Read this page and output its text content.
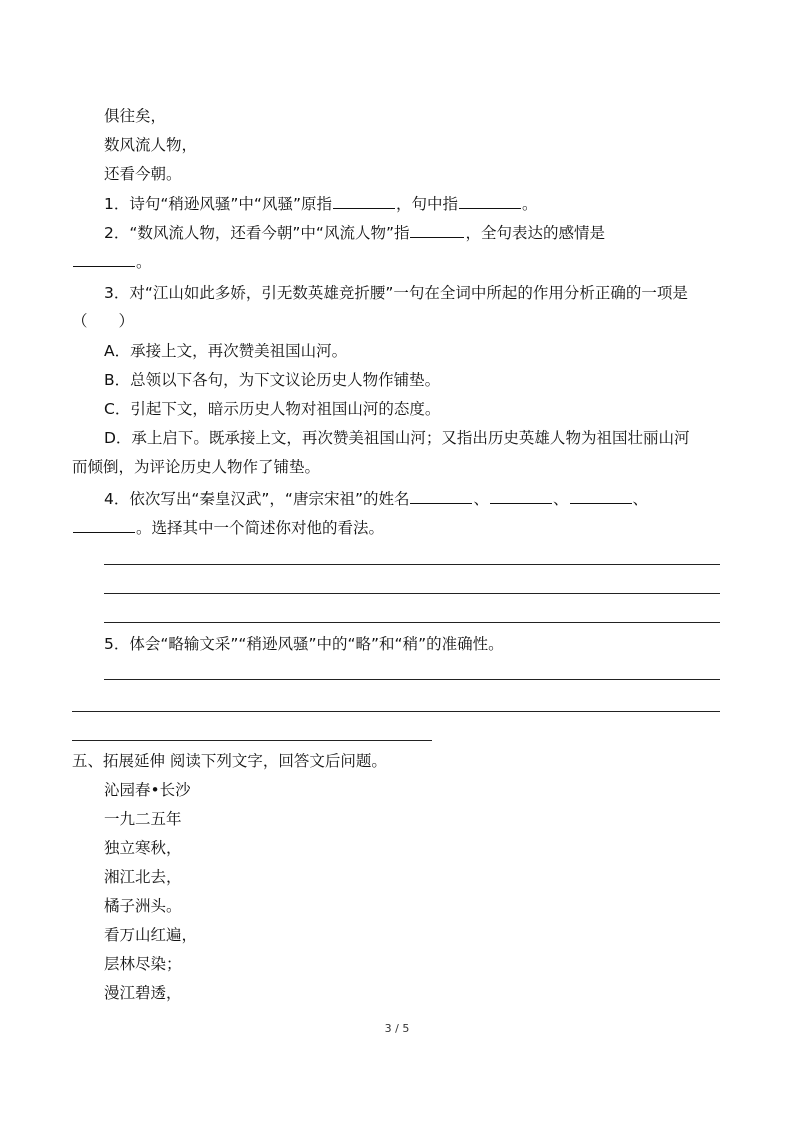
俱往矣，

数风流人物，

还看今朝。

1．诗句“稍逊风骚”中“风骚”原指	，句中指	。

2．“数风流人物，还看今朝”中“风流人物”指	，全句表达的感情是

。

3．对“江山如此多娇，引无数英雄竞折腰”一句在全词中所起的作用分析正确的一项是

（　　）

A．承接上文，再次赞美祖国山河。

B．总领以下各句，为下文议论历史人物作铺垫。

C．引起下文，暗示历史人物对祖国山河的态度。

D．承上启下。既承接上文，再次赞美祖国山河；又指出历史英雄人物为祖国壮丽山河

而倾倒，为评论历史人物作了铺垫。

4．依次写出“秦皇汉武”，“唐宗宋祖”的姓名	、	、	、

。选择其中一个简述你对他的看法。

5．体会“略输文采”“稍逊风骚”中的“略”和“稍”的准确性。

五、拓展延伸 阅读下列文字，回答文后问题。

沁园春•长沙

一九二五年

独立寒秋，

湘江北去，

橘子洲头。

看万山红遍，

层林尽染；

漫江碧透，

3 / 5
